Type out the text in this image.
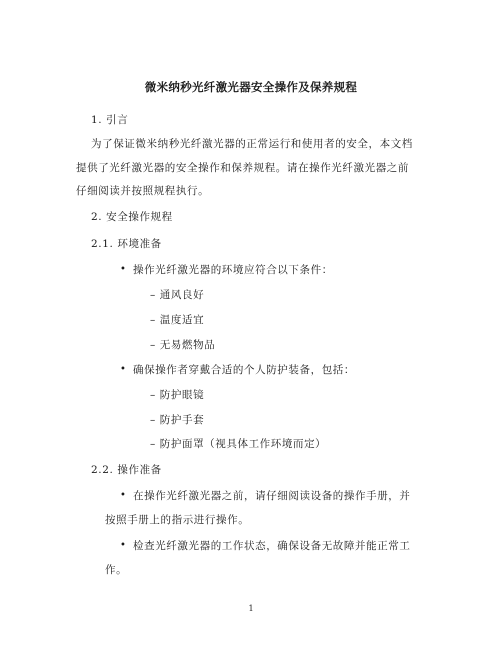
微米纳秒光纤激光器安全操作及保养规程
1. 引言
为了保证微米纳秒光纤激光器的正常运行和使用者的安全，本文档
提供了光纤激光器的安全操作和保养规程。请在操作光纤激光器之前
仔细阅读并按照规程执行。
2. 安全操作规程
2.1. 环境准备
• 操作光纤激光器的环境应符合以下条件：
– 通风良好
– 温度适宜
– 无易燃物品
• 确保操作者穿戴合适的个人防护装备，包括：
– 防护眼镜
– 防护手套
– 防护面罩（视具体工作环境而定）
2.2. 操作准备
• 在操作光纤激光器之前，请仔细阅读设备的操作手册，并
按照手册上的指示进行操作。
• 检查光纤激光器的工作状态，确保设备无故障并能正常工
作。
1
